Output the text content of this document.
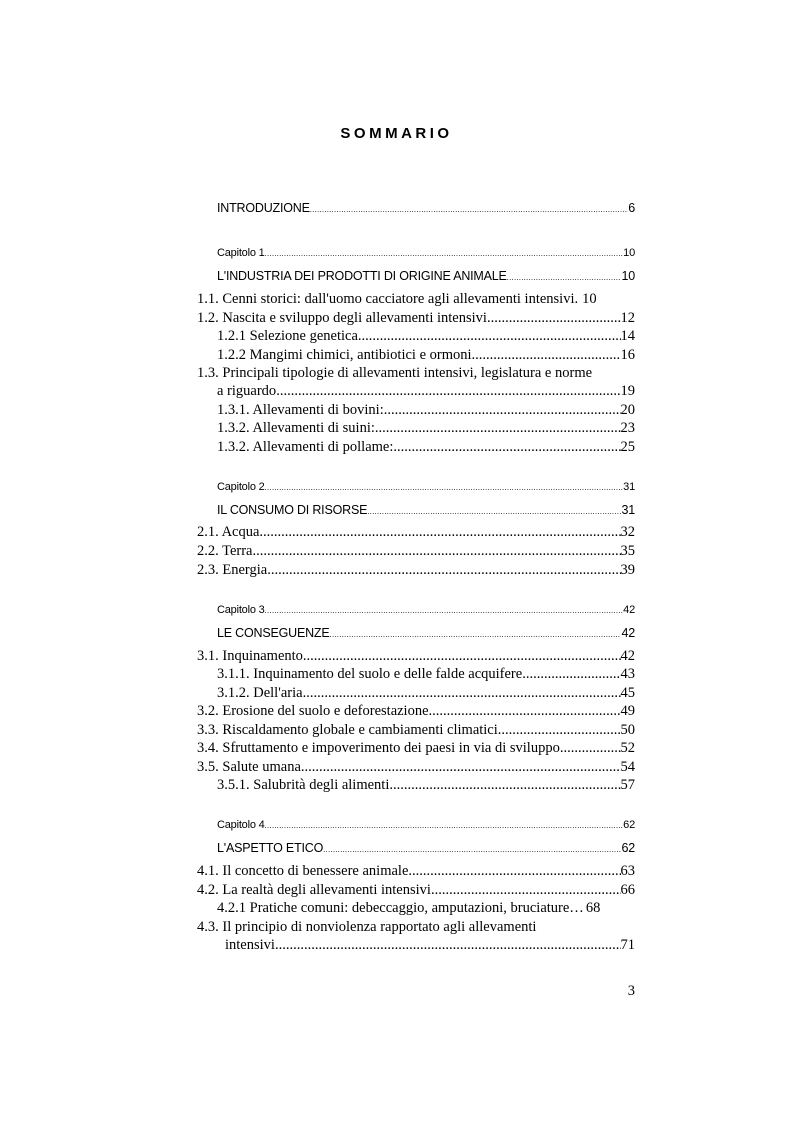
SOMMARIO
INTRODUZIONE .....	6
Capitolo 1 .....	10
L'INDUSTRIA DEI PRODOTTI DI ORIGINE ANIMALE .....	10
1.1. Cenni storici: dall'uomo cacciatore agli allevamenti intensivi. 10
1.2. Nascita e sviluppo degli allevamenti intensivi .....	12
1.2.1 Selezione genetica .....	14
1.2.2 Mangimi chimici, antibiotici e ormoni .....	16
1.3. Principali tipologie di allevamenti intensivi, legislatura e norme
a riguardo .....	19
1.3.1. Allevamenti di bovini: .....	20
1.3.2. Allevamenti di suini: .....	23
1.3.2. Allevamenti di pollame: .....	25
Capitolo 2 .....	31
IL CONSUMO DI RISORSE .....	31
2.1. Acqua .....	32
2.2. Terra .....	35
2.3. Energia .....	39
Capitolo 3 .....	42
LE CONSEGUENZE .....	42
3.1. Inquinamento .....	42
3.1.1. Inquinamento del suolo e delle falde acquifere .....	43
3.1.2. Dell'aria .....	45
3.2. Erosione del suolo e deforestazione .....	49
3.3. Riscaldamento globale e cambiamenti climatici .....	50
3.4. Sfruttamento e impoverimento dei paesi in via di sviluppo .....	52
3.5. Salute umana .....	54
3.5.1. Salubrità degli alimenti .....	57
Capitolo 4 .....	62
L'ASPETTO ETICO .....	62
4.1. Il concetto di benessere animale .....	63
4.2. La realtà degli allevamenti intensivi .....	66
4.2.1 Pratiche comuni: debeccaggio, amputazioni, bruciature… 68
4.3. Il principio di nonviolenza rapportato agli allevamenti
intensivi .....	71
3
